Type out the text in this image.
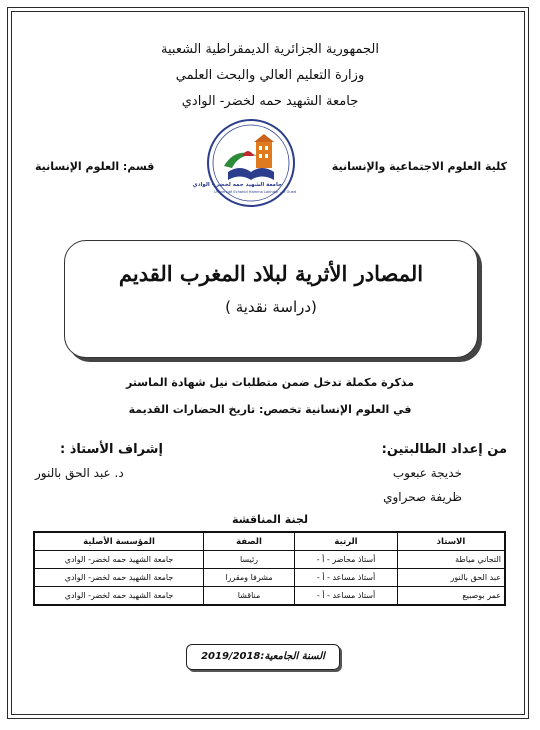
الجمهورية الجزائرية الديمقراطية الشعبية
وزارة التعليم العالي والبحث العلمي
جامعة الشهيد حمه لخضر- الوادي
كلية العلوم الاجتماعية والإنسانية
قسم: العلوم الإنسانية
جامعة الشهيد حمه لخضر - الوادي
Université Echahid Hamma Lakhdar - El Oued
المصادر الأثرية لبلاد المغرب القديم
(دراسة نقدية )
مذكرة مكملة تدخل ضمن متطلبات نيل شهادة الماستر
في العلوم الإنسانية تخصص: تاريخ الحضارات القديمة
من إعداد الطالبتين:
خديجة عبعوب
ظريفة صحراوي
إشراف الأستاذ :
د. عبد الحق بالنور
لجنة المناقشة
الاستاذ	الرتبة	الصفة	المؤسسة الأصلية
التجاني مياطة	أستاذ محاضر - أ -	رئيسا	جامعة الشهيد حمه لخضر- الوادي
عبد الحق بالنور	أستاذ مساعد - أ -	مشرفا ومقررا	جامعة الشهيد حمه لخضر- الوادي
عمر بوصبيع	أستاذ مساعد - أ -	مناقشا	جامعة الشهيد حمه لخضر- الوادي
السنة الجامعية:2019/2018
